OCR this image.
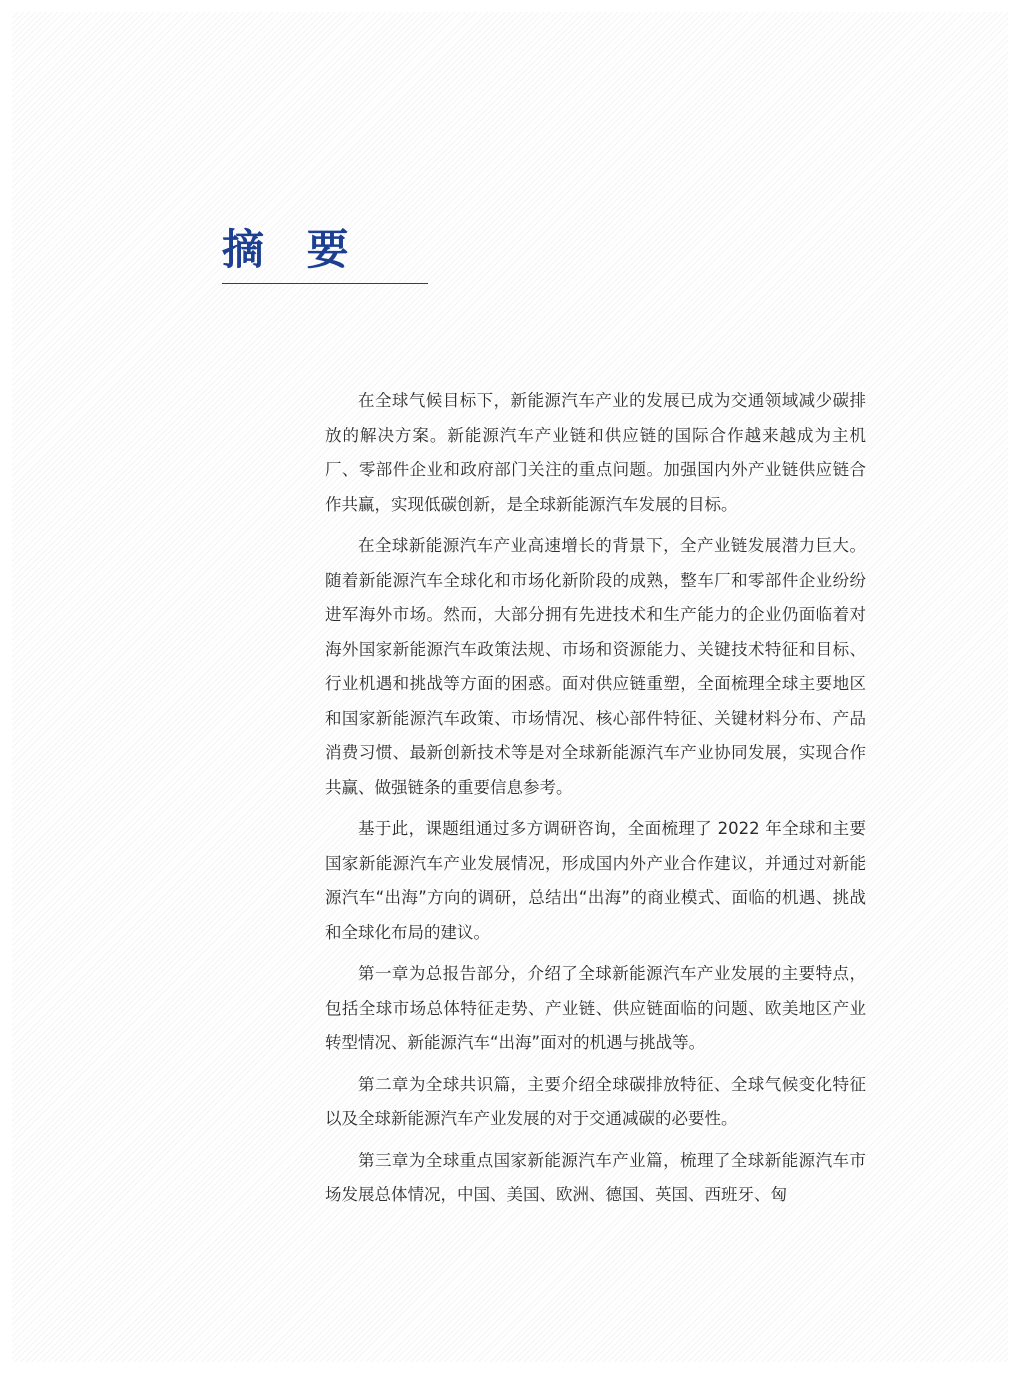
摘 要

在全球气候目标下，新能源汽车产业的发展已成为交通领域减少碳排放的解决方案。新能源汽车产业链和供应链的国际合作越来越成为主机厂、零部件企业和政府部门关注的重点问题。加强国内外产业链供应链合作共赢，实现低碳创新，是全球新能源汽车发展的目标。

在全球新能源汽车产业高速增长的背景下，全产业链发展潜力巨大。随着新能源汽车全球化和市场化新阶段的成熟，整车厂和零部件企业纷纷进军海外市场。然而，大部分拥有先进技术和生产能力的企业仍面临着对海外国家新能源汽车政策法规、市场和资源能力、关键技术特征和目标、行业机遇和挑战等方面的困惑。面对供应链重塑，全面梳理全球主要地区和国家新能源汽车政策、市场情况、核心部件特征、关键材料分布、产品消费习惯、最新创新技术等是对全球新能源汽车产业协同发展，实现合作共赢、做强链条的重要信息参考。

基于此，课题组通过多方调研咨询，全面梳理了 2022 年全球和主要国家新能源汽车产业发展情况，形成国内外产业合作建议，并通过对新能源汽车“出海”方向的调研，总结出“出海”的商业模式、面临的机遇、挑战和全球化布局的建议。

第一章为总报告部分，介绍了全球新能源汽车产业发展的主要特点，包括全球市场总体特征走势、产业链、供应链面临的问题、欧美地区产业转型情况、新能源汽车“出海”面对的机遇与挑战等。

第二章为全球共识篇，主要介绍全球碳排放特征、全球气候变化特征以及全球新能源汽车产业发展的对于交通减碳的必要性。

第三章为全球重点国家新能源汽车产业篇，梳理了全球新能源汽车市场发展总体情况，中国、美国、欧洲、德国、英国、西班牙、匈
